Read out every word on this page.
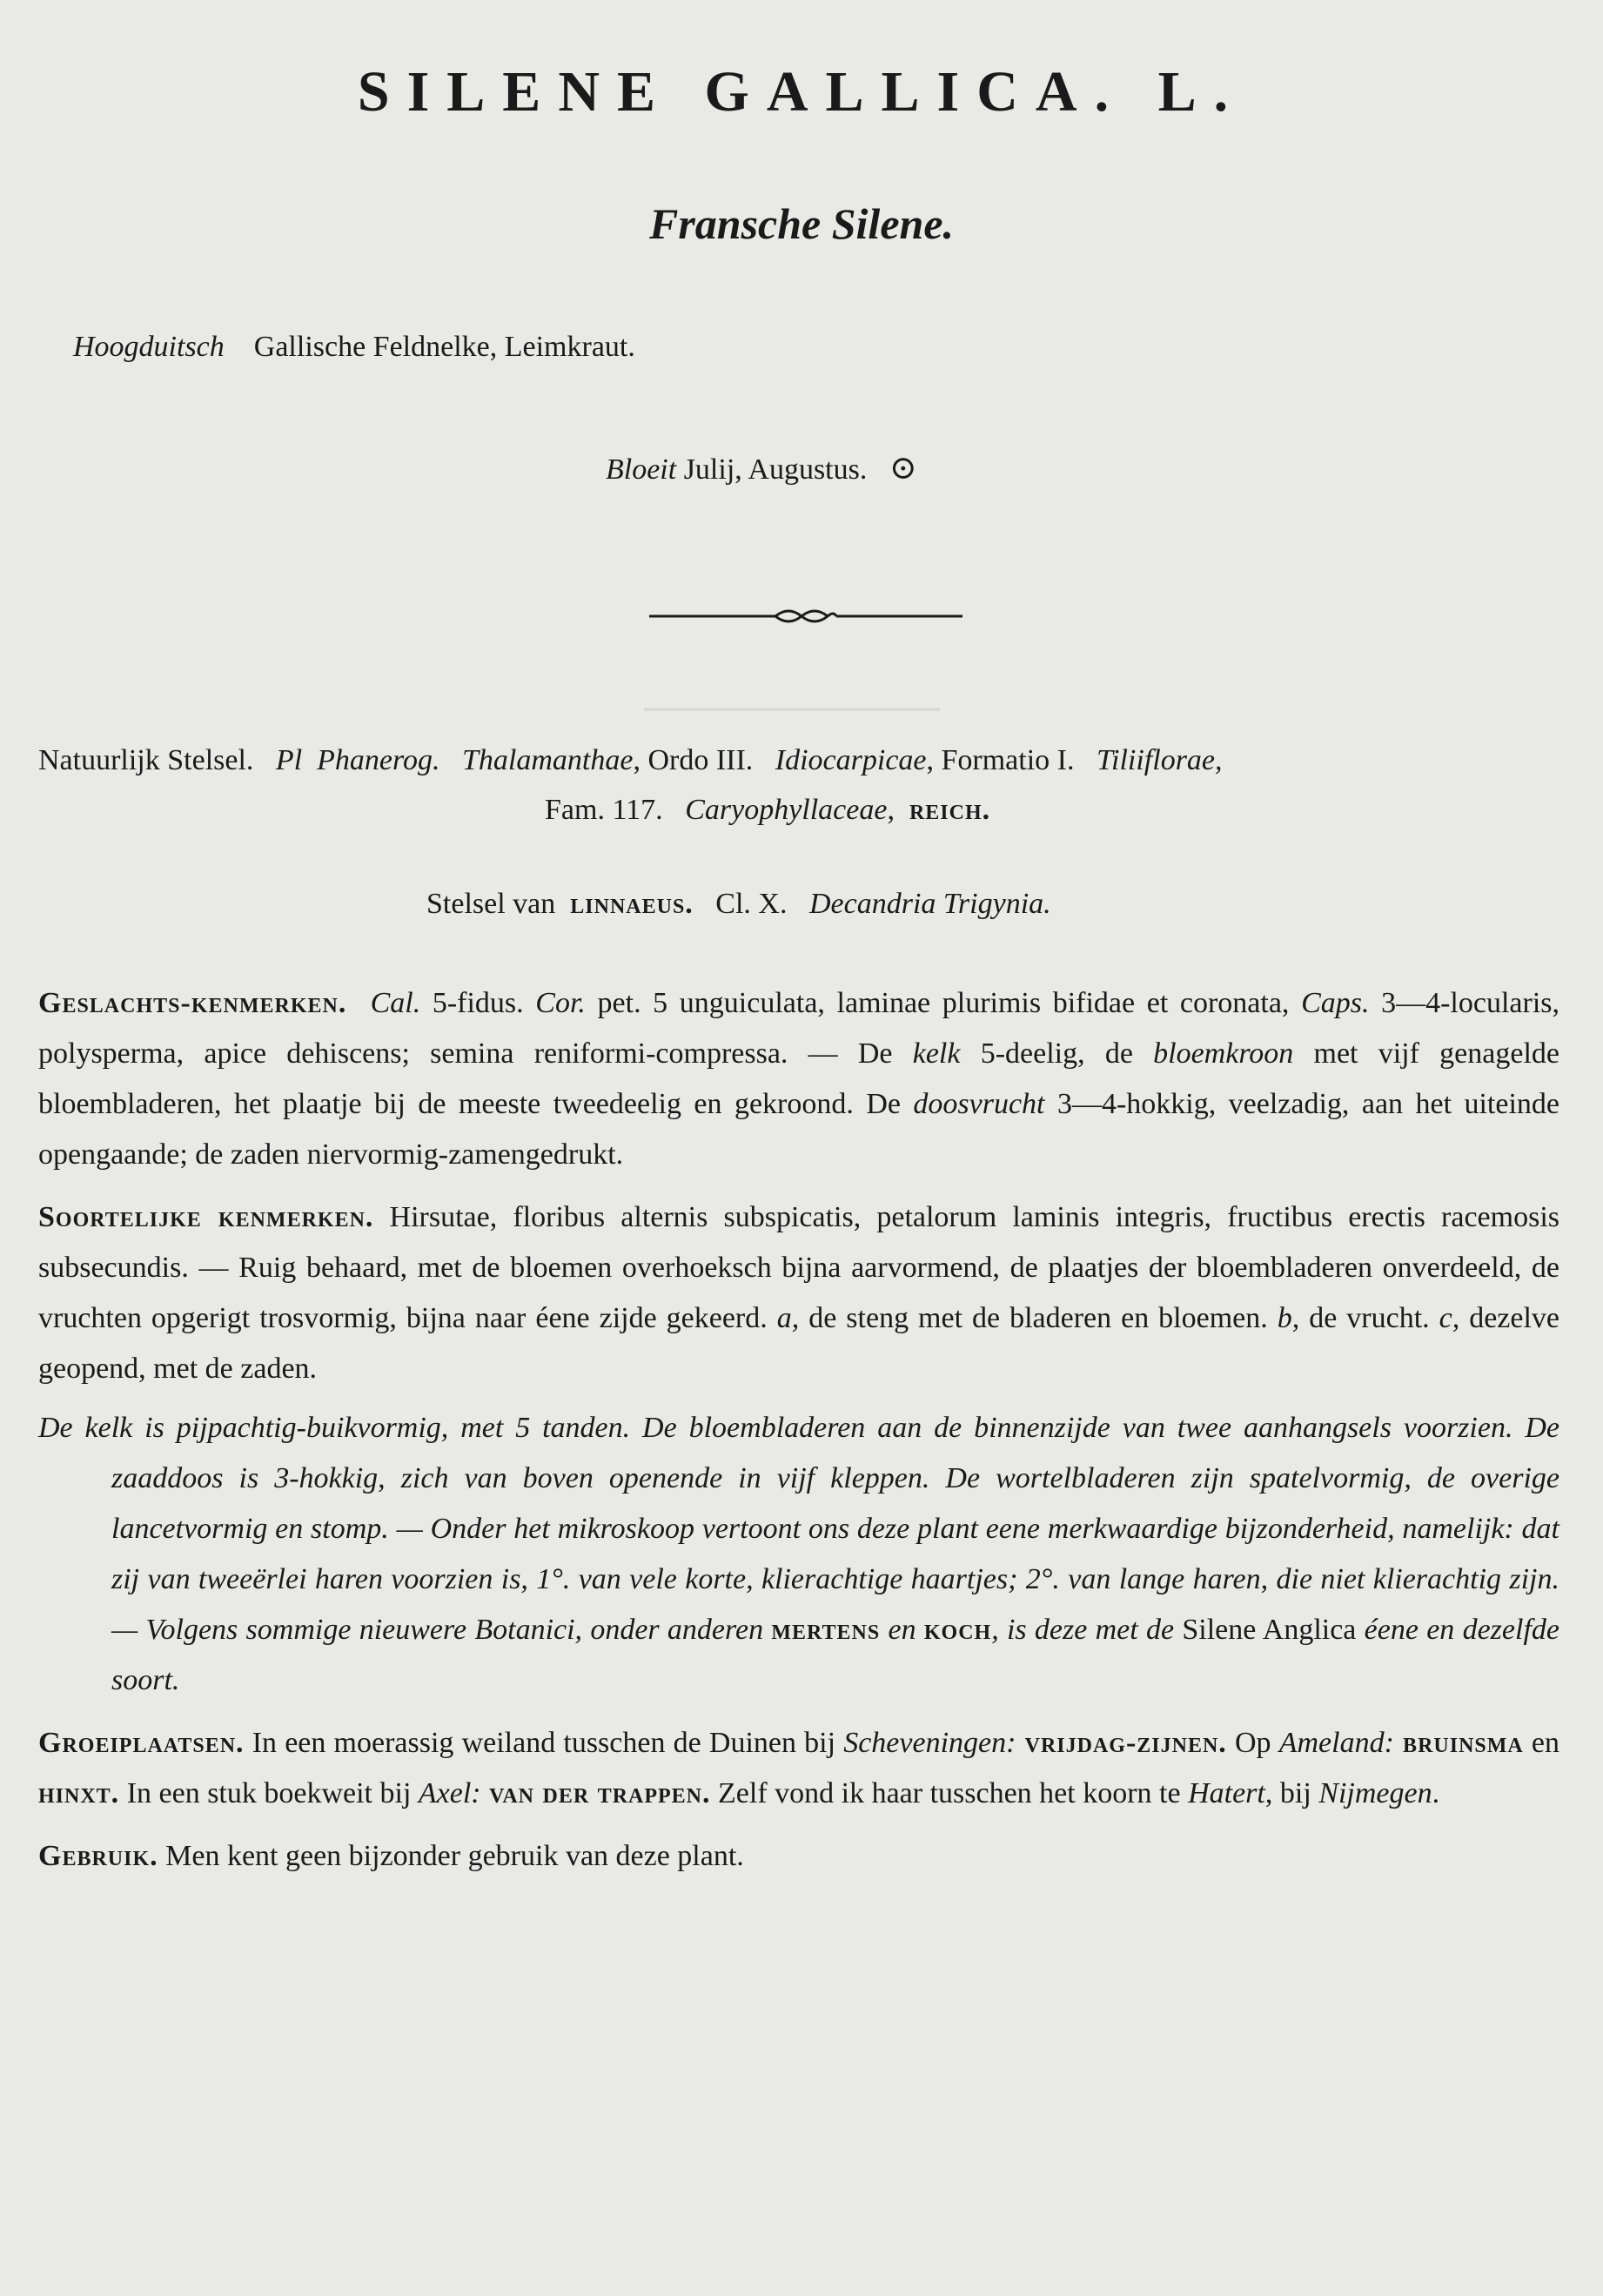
SILENE GALLICA. L.
Fransche Silene.
Hoogduitsch Gallische Feldnelke, Leimkraut.
Bloeit Julij, Augustus. ⊙
Natuurlijk Stelsel. Pl Phanerog. Thalamanthae, Ordo III. Idiocarpicae, Formatio I. Tiliiflorae,
Fam. 117. Caryophyllaceae, reich.
Stelsel van linnaeus. Cl. X. Decandria Trigynia.

Geslachts-kenmerken. Cal. 5-fidus. Cor. pet. 5 unguiculata, laminae plurimis bifidae et coronata, Caps. 3—4-locularis, polysperma, apice dehiscens; semina reniformi-compressa. — De kelk 5-deelig, de bloemkroon met vijf genagelde bloembladeren, het plaatje bij de meeste tweedeelig en gekroond. De doosvrucht 3—4-hokkig, veelzadig, aan het uiteinde opengaande; de zaden niervormig-zamengedrukt.

Soortelijke kenmerken. Hirsutae, floribus alternis subspicatis, petalorum laminis integris, fructibus erectis racemosis subsecundis. — Ruig behaard, met de bloemen overhoeksch bijna aarvormend, de plaatjes der bloembladeren onverdeeld, de vruchten opgerigt trosvormig, bijna naar éene zijde gekeerd. a, de steng met de bladeren en bloemen. b, de vrucht. c, dezelve geopend, met de zaden.

De kelk is pijpachtig-buikvormig, met 5 tanden. De bloembladeren aan de binnenzijde van twee aanhangsels voorzien. De zaaddoos is 3-hokkig, zich van boven openende in vijf kleppen. De wortelbladeren zijn spatelvormig, de overige lancetvormig en stomp. — Onder het mikroskoop vertoont ons deze plant eene merkwaardige bijzonderheid, namelijk: dat zij van tweeërlei haren voorzien is, 1°. van vele korte, klierachtige haartjes; 2°. van lange haren, die niet klierachtig zijn. — Volgens sommige nieuwere Botanici, onder anderen mertens en koch, is deze met de Silene Anglica éene en dezelfde soort.

Groeiplaatsen. In een moerassig weiland tusschen de Duinen bij Scheveningen: vrijdag-zijnen. Op Ameland: bruinsma en hinxt. In een stuk boekweit bij Axel: van der trappen. Zelf vond ik haar tusschen het koorn te Hatert, bij Nijmegen.

Gebruik. Men kent geen bijzonder gebruik van deze plant.
